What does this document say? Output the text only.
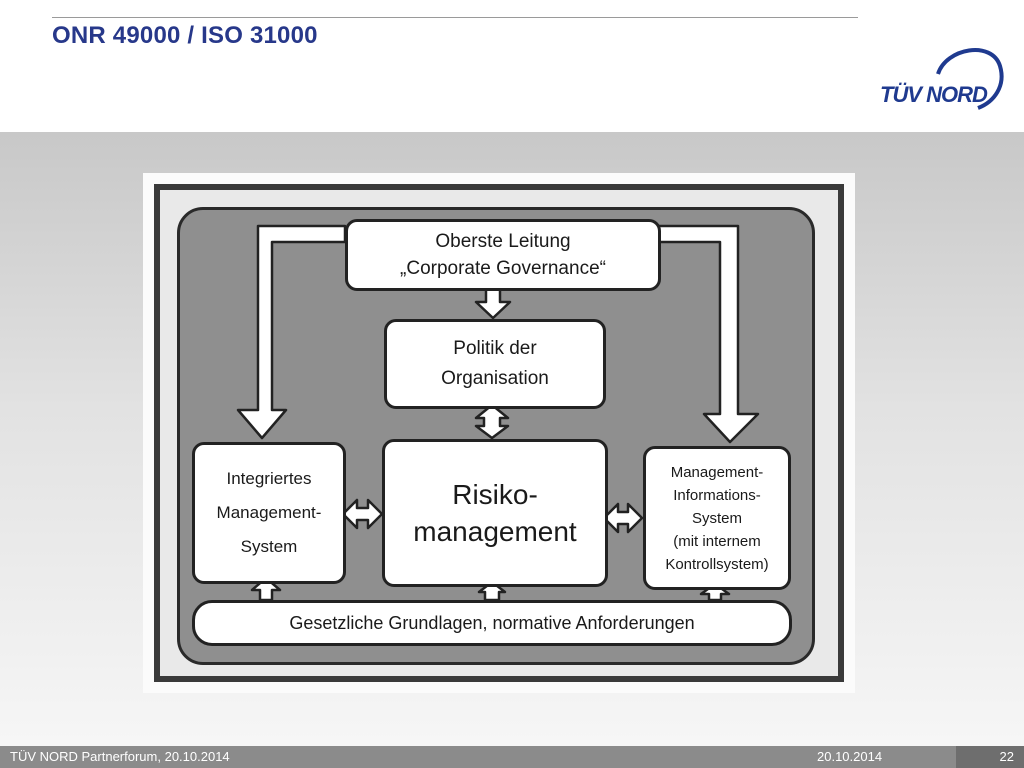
ONR 49000 / ISO 31000
TÜV NORD
Oberste Leitung
„Corporate Governance“
Politik der
Organisation
Risiko-
management
Integriertes
Management-
System
Management-
Informations-
System
(mit internem
Kontrollsystem)
Gesetzliche Grundlagen, normative Anforderungen
TÜV NORD Partnerforum, 20.10.2014	20.10.2014	22
